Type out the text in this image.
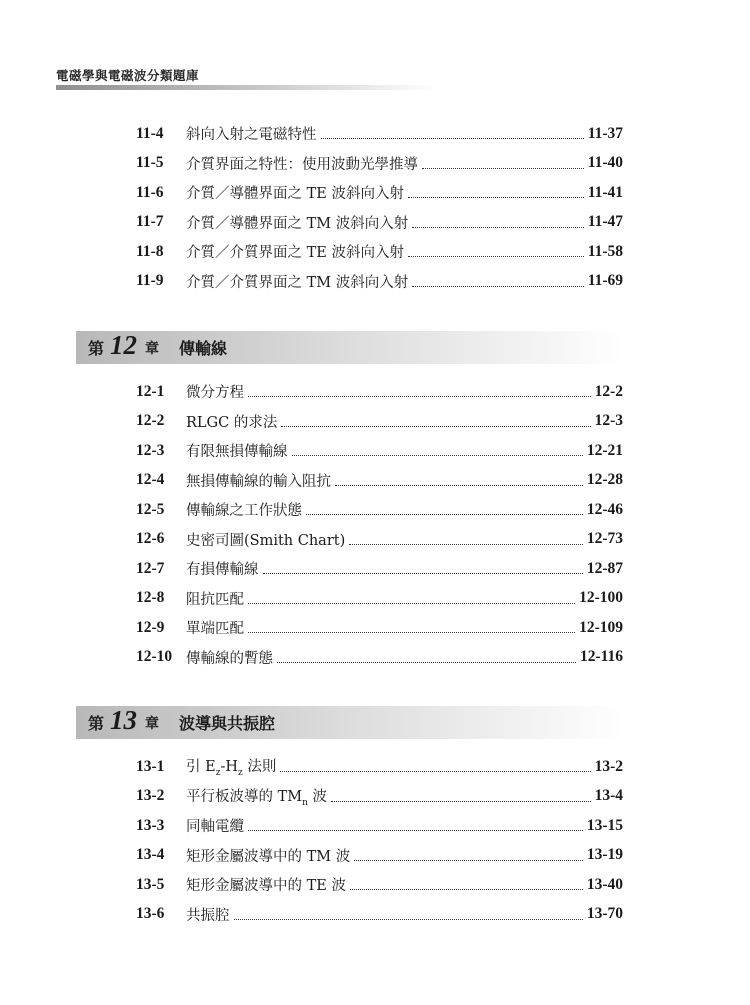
電磁學與電磁波分類題庫
11-4	斜向入射之電磁特性	11-37
11-5	介質界面之特性：使用波動光學推導	11-40
11-6	介質／導體界面之 TE 波斜向入射	11-41
11-7	介質／導體界面之 TM 波斜向入射	11-47
11-8	介質／介質界面之 TE 波斜向入射	11-58
11-9	介質／介質界面之 TM 波斜向入射	11-69
第 12 章 傳輸線
12-1	微分方程	12-2
12-2	RLGC 的求法	12-3
12-3	有限無損傳輸線	12-21
12-4	無損傳輸線的輸入阻抗	12-28
12-5	傳輸線之工作狀態	12-46
12-6	史密司圖(Smith Chart)	12-73
12-7	有損傳輸線	12-87
12-8	阻抗匹配	12-100
12-9	單端匹配	12-109
12-10 傳輸線的暫態	12-116
第 13 章 波導與共振腔
13-1	引 $E_z-H_z$ 法則	13-2
13-2	平行板波導的 $TM_n$ 波	13-4
13-3	同軸電纜	13-15
13-4	矩形金屬波導中的 TM 波	13-19
13-5	矩形金屬波導中的 TE 波	13-40
13-6	共振腔	13-70
